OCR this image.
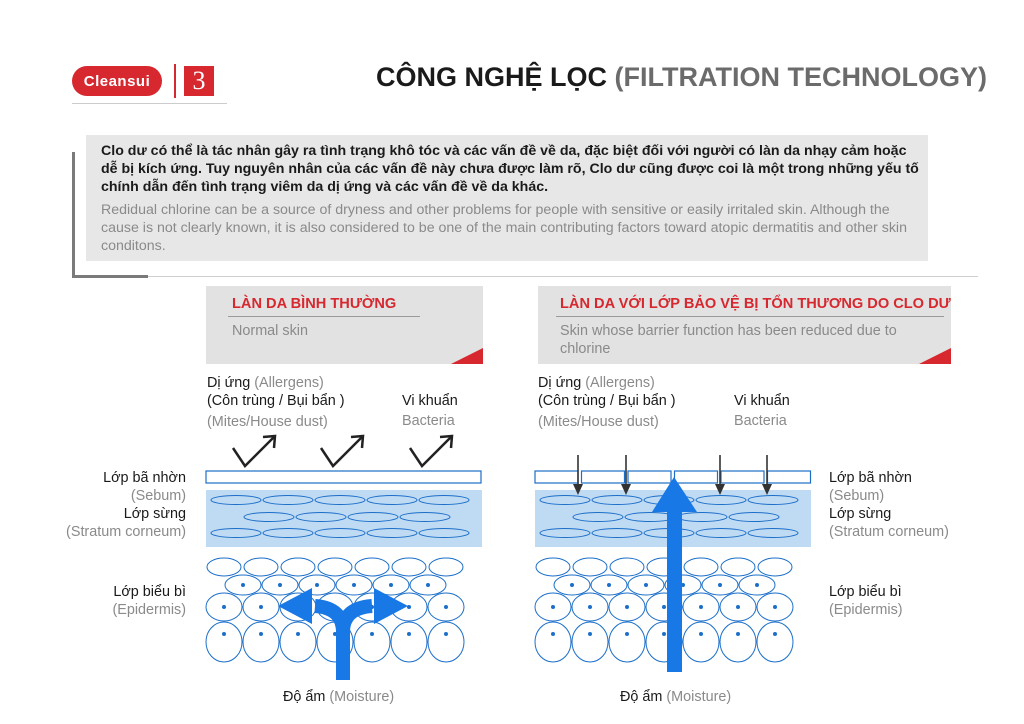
Cleansui	3	CÔNG NGHỆ LỌC (FILTRATION TECHNOLOGY)
Clo dư có thể là tác nhân gây ra tình trạng khô tóc và các vấn đề về da, đặc biệt đối với người có làn da nhạy cảm hoặc dễ bị kích ứng. Tuy nguyên nhân của các vấn đề này chưa được làm rõ, Clo dư cũng được coi là một trong những yếu tố chính dẫn đến tình trạng viêm da dị ứng và các vấn đề về da khác.
Redidual chlorine can be a source of dryness and other problems for people with sensitive or easily irritaled skin. Although the cause is not clearly known, it is also considered to be one of the main contributing factors toward atopic dermatitis and other skin conditons.
LÀN DA BÌNH THƯỜNG
Normal skin
LÀN DA VỚI LỚP BẢO VỆ BỊ TỔN THƯƠNG DO CLO DƯ
Skin whose barrier function has been reduced due to chlorine
Dị ứng (Allergens)
(Côn trùng / Bụi bẩn )
(Mites/House dust)
Vi khuẩn
Bacteria
Lớp bã nhờn
(Sebum)
Lớp sừng
(Stratum corneum)
Lớp biểu bì
(Epidermis)
Độ ẩm (Moisture)
Dị ứng (Allergens)
(Côn trùng / Bụi bẩn )
(Mites/House dust)
Vi khuẩn
Bacteria
Lớp bã nhờn
(Sebum)
Lớp sừng
(Stratum corneum)
Lớp biểu bì
(Epidermis)
Độ ẩm (Moisture)
